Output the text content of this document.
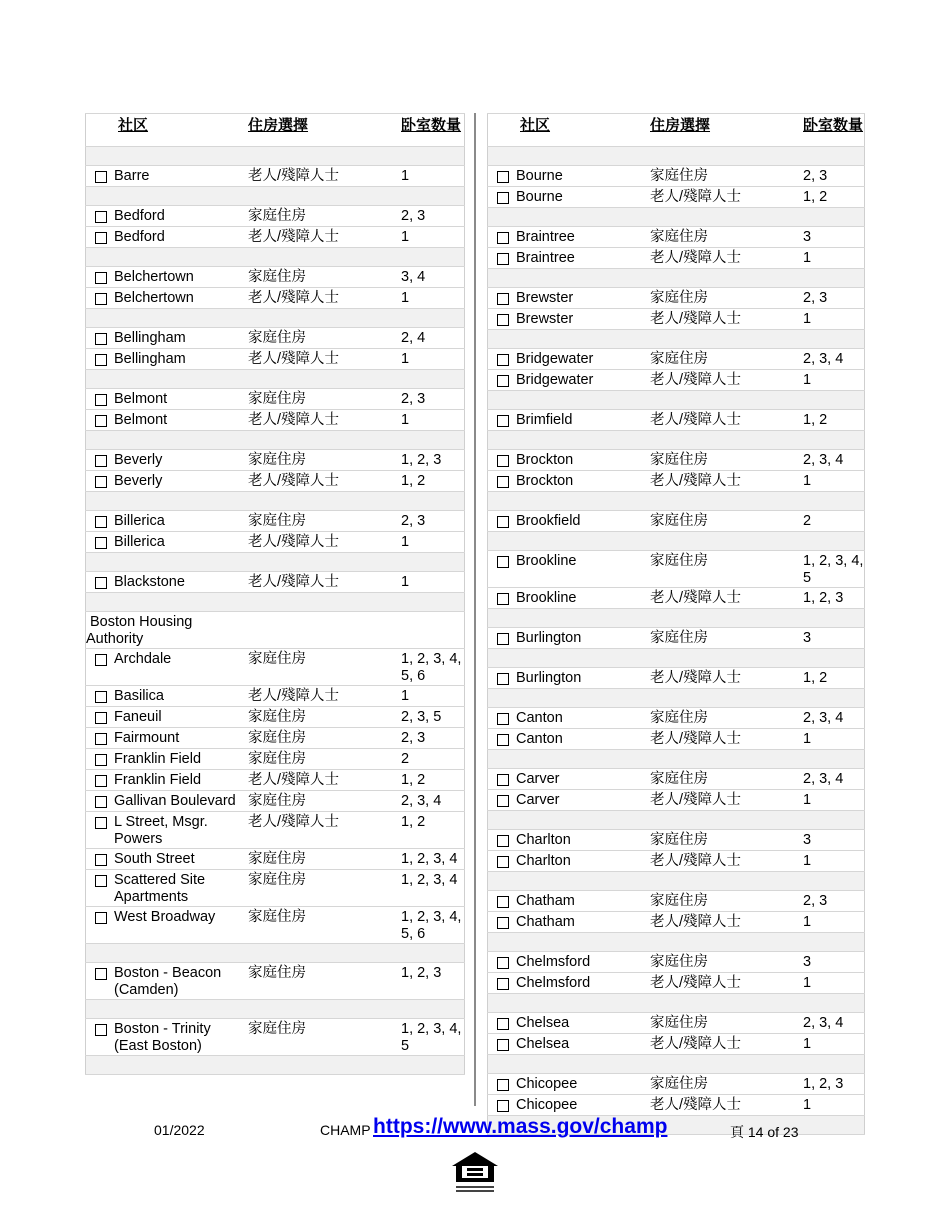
社区	住房選擇	卧室数量

Barre	老人/殘障人士	1

Bedford	家庭住房	2, 3

Bedford	老人/殘障人士	1

Belchertown	家庭住房	3, 4

Belchertown	老人/殘障人士	1

Bellingham	家庭住房	2, 4

Bellingham	老人/殘障人士	1

Belmont	家庭住房	2, 3

Belmont	老人/殘障人士	1

Beverly	家庭住房	1, 2, 3

Beverly	老人/殘障人士	1, 2

Billerica	家庭住房	2, 3

Billerica	老人/殘障人士	1

Blackstone	老人/殘障人士	1

Boston Housing Authority		

Archdale	家庭住房	1, 2, 3, 4, 5, 6

Basilica	老人/殘障人士	1

Faneuil	家庭住房	2, 3, 5

Fairmount	家庭住房	2, 3

Franklin Field	家庭住房	2

Franklin Field	老人/殘障人士	1, 2

Gallivan Boulevard	家庭住房	2, 3, 4

L Street, Msgr. Powers	老人/殘障人士	1, 2

South Street	家庭住房	1, 2, 3, 4

Scattered Site Apartments	家庭住房	1, 2, 3, 4

West Broadway	家庭住房	1, 2, 3, 4, 5, 6

Boston - Beacon (Camden)	家庭住房	1, 2, 3

Boston - Trinity (East Boston)	家庭住房	1, 2, 3, 4, 5

社区	住房選擇	卧室数量

Bourne	家庭住房	2, 3

Bourne	老人/殘障人士	1, 2

Braintree	家庭住房	3

Braintree	老人/殘障人士	1

Brewster	家庭住房	2, 3

Brewster	老人/殘障人士	1

Bridgewater	家庭住房	2, 3, 4

Bridgewater	老人/殘障人士	1

Brimfield	老人/殘障人士	1, 2

Brockton	家庭住房	2, 3, 4

Brockton	老人/殘障人士	1

Brookfield	家庭住房	2

Brookline	家庭住房	1, 2, 3, 4, 5

Brookline	老人/殘障人士	1, 2, 3

Burlington	家庭住房	3

Burlington	老人/殘障人士	1, 2

Canton	家庭住房	2, 3, 4

Canton	老人/殘障人士	1

Carver	家庭住房	2, 3, 4

Carver	老人/殘障人士	1

Charlton	家庭住房	3

Charlton	老人/殘障人士	1

Chatham	家庭住房	2, 3

Chatham	老人/殘障人士	1

Chelmsford	家庭住房	3

Chelmsford	老人/殘障人士	1

Chelsea	家庭住房	2, 3, 4

Chelsea	老人/殘障人士	1

Chicopee	家庭住房	1, 2, 3

Chicopee	老人/殘障人士	1

01/2022	CHAMP https://www.mass.gov/champ	頁 14 of 23
